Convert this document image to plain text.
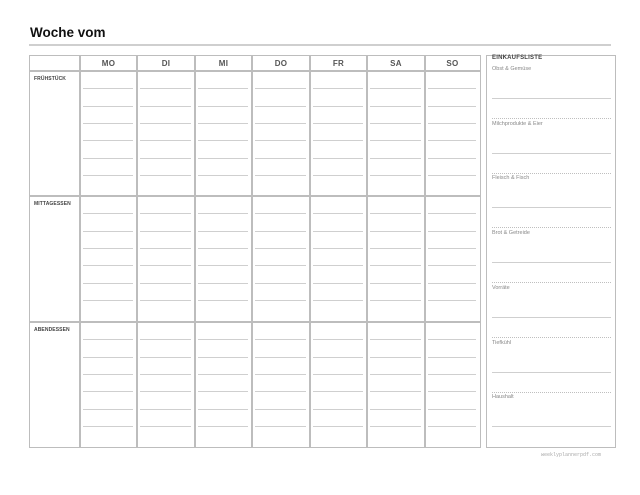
Woche vom
MO	DI	MI	DO	FR	SA	SO
FRÜHSTÜCK
MITTAGESSEN
ABENDESSEN
EINKAUFSLISTE
Obst & Gemüse
Milchprodukte & Eier
Fleisch & Fisch
Brot & Getreide
Vorräte
Tiefkühl
Haushalt
weeklyplannerpdf.com
